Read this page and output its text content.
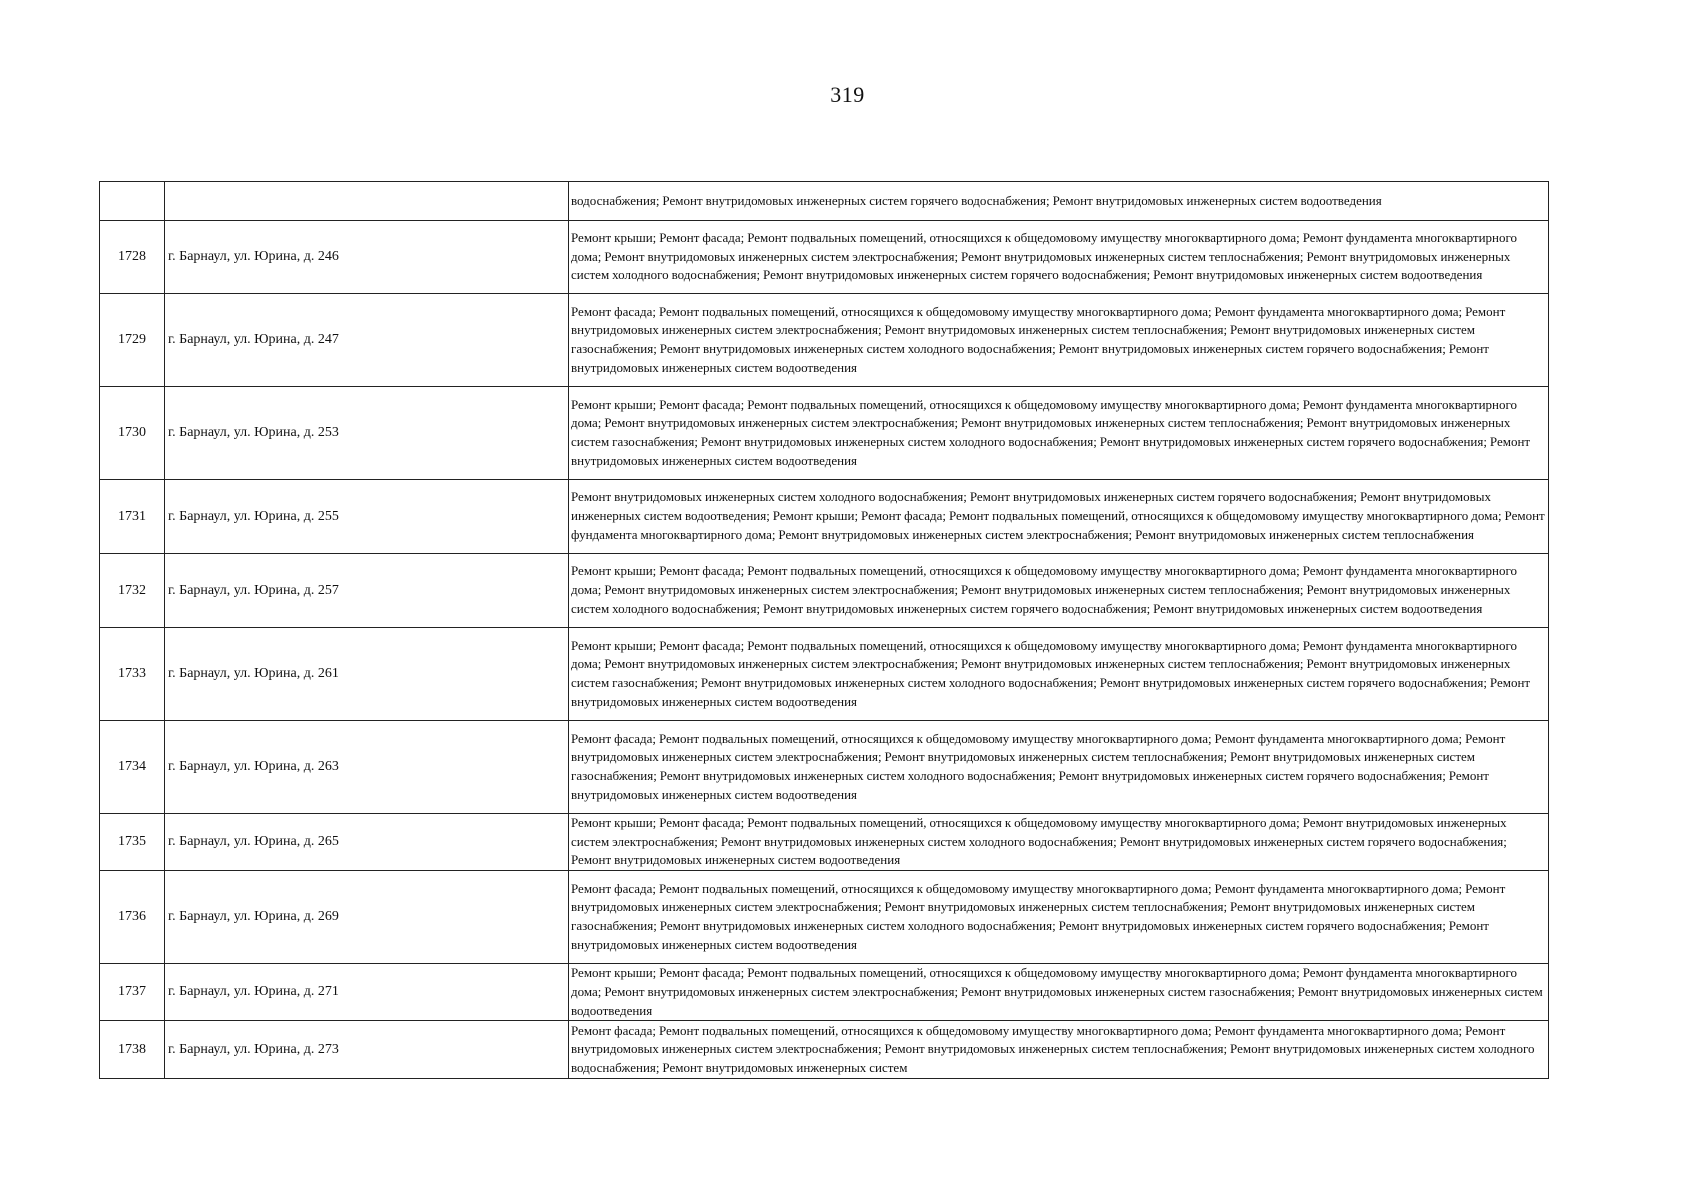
319
		водоснабжения; Ремонт внутридомовых инженерных систем горячего водоснабжения; Ремонт внутридомовых инженерных систем водоотведения
1728	г. Барнаул, ул. Юрина, д. 246	Ремонт крыши; Ремонт фасада; Ремонт подвальных помещений, относящихся к общедомовому имуществу многоквартирного дома; Ремонт фундамента многоквартирного дома; Ремонт внутридомовых инженерных систем электроснабжения; Ремонт внутридомовых инженерных систем теплоснабжения; Ремонт внутридомовых инженерных систем холодного водоснабжения; Ремонт внутридомовых инженерных систем горячего водоснабжения; Ремонт внутридомовых инженерных систем водоотведения
1729	г. Барнаул, ул. Юрина, д. 247	Ремонт фасада; Ремонт подвальных помещений, относящихся к общедомовому имуществу многоквартирного дома; Ремонт фундамента многоквартирного дома; Ремонт внутридомовых инженерных систем электроснабжения; Ремонт внутридомовых инженерных систем теплоснабжения; Ремонт внутридомовых инженерных систем газоснабжения; Ремонт внутридомовых инженерных систем холодного водоснабжения; Ремонт внутридомовых инженерных систем горячего водоснабжения; Ремонт внутридомовых инженерных систем водоотведения
1730	г. Барнаул, ул. Юрина, д. 253	Ремонт крыши; Ремонт фасада; Ремонт подвальных помещений, относящихся к общедомовому имуществу многоквартирного дома; Ремонт фундамента многоквартирного дома; Ремонт внутридомовых инженерных систем электроснабжения; Ремонт внутридомовых инженерных систем теплоснабжения; Ремонт внутридомовых инженерных систем газоснабжения; Ремонт внутридомовых инженерных систем холодного водоснабжения; Ремонт внутридомовых инженерных систем горячего водоснабжения; Ремонт внутридомовых инженерных систем водоотведения
1731	г. Барнаул, ул. Юрина, д. 255	Ремонт внутридомовых инженерных систем холодного водоснабжения; Ремонт внутридомовых инженерных систем горячего водоснабжения; Ремонт внутридомовых инженерных систем водоотведения; Ремонт крыши; Ремонт фасада; Ремонт подвальных помещений, относящихся к общедомовому имуществу многоквартирного дома; Ремонт фундамента многоквартирного дома; Ремонт внутридомовых инженерных систем электроснабжения; Ремонт внутридомовых инженерных систем теплоснабжения
1732	г. Барнаул, ул. Юрина, д. 257	Ремонт крыши; Ремонт фасада; Ремонт подвальных помещений, относящихся к общедомовому имуществу многоквартирного дома; Ремонт фундамента многоквартирного дома; Ремонт внутридомовых инженерных систем электроснабжения; Ремонт внутридомовых инженерных систем теплоснабжения; Ремонт внутридомовых инженерных систем холодного водоснабжения; Ремонт внутридомовых инженерных систем горячего водоснабжения; Ремонт внутридомовых инженерных систем водоотведения
1733	г. Барнаул, ул. Юрина, д. 261	Ремонт крыши; Ремонт фасада; Ремонт подвальных помещений, относящихся к общедомовому имуществу многоквартирного дома; Ремонт фундамента многоквартирного дома; Ремонт внутридомовых инженерных систем электроснабжения; Ремонт внутридомовых инженерных систем теплоснабжения; Ремонт внутридомовых инженерных систем газоснабжения; Ремонт внутридомовых инженерных систем холодного водоснабжения; Ремонт внутридомовых инженерных систем горячего водоснабжения; Ремонт внутридомовых инженерных систем водоотведения
1734	г. Барнаул, ул. Юрина, д. 263	Ремонт фасада; Ремонт подвальных помещений, относящихся к общедомовому имуществу многоквартирного дома; Ремонт фундамента многоквартирного дома; Ремонт внутридомовых инженерных систем электроснабжения; Ремонт внутридомовых инженерных систем теплоснабжения; Ремонт внутридомовых инженерных систем газоснабжения; Ремонт внутридомовых инженерных систем холодного водоснабжения; Ремонт внутридомовых инженерных систем горячего водоснабжения; Ремонт внутридомовых инженерных систем водоотведения
1735	г. Барнаул, ул. Юрина, д. 265	Ремонт крыши; Ремонт фасада; Ремонт подвальных помещений, относящихся к общедомовому имуществу многоквартирного дома; Ремонт внутридомовых инженерных систем электроснабжения; Ремонт внутридомовых инженерных систем холодного водоснабжения; Ремонт внутридомовых инженерных систем горячего водоснабжения; Ремонт внутридомовых инженерных систем водоотведения
1736	г. Барнаул, ул. Юрина, д. 269	Ремонт фасада; Ремонт подвальных помещений, относящихся к общедомовому имуществу многоквартирного дома; Ремонт фундамента многоквартирного дома; Ремонт внутридомовых инженерных систем электроснабжения; Ремонт внутридомовых инженерных систем теплоснабжения; Ремонт внутридомовых инженерных систем газоснабжения; Ремонт внутридомовых инженерных систем холодного водоснабжения; Ремонт внутридомовых инженерных систем горячего водоснабжения; Ремонт внутридомовых инженерных систем водоотведения
1737	г. Барнаул, ул. Юрина, д. 271	Ремонт крыши; Ремонт фасада; Ремонт подвальных помещений, относящихся к общедомовому имуществу многоквартирного дома; Ремонт фундамента многоквартирного дома; Ремонт внутридомовых инженерных систем электроснабжения; Ремонт внутридомовых инженерных систем газоснабжения; Ремонт внутридомовых инженерных систем водоотведения
1738	г. Барнаул, ул. Юрина, д. 273	Ремонт фасада; Ремонт подвальных помещений, относящихся к общедомовому имуществу многоквартирного дома; Ремонт фундамента многоквартирного дома; Ремонт внутридомовых инженерных систем электроснабжения; Ремонт внутридомовых инженерных систем теплоснабжения; Ремонт внутридомовых инженерных систем холодного водоснабжения; Ремонт внутридомовых инженерных систем
